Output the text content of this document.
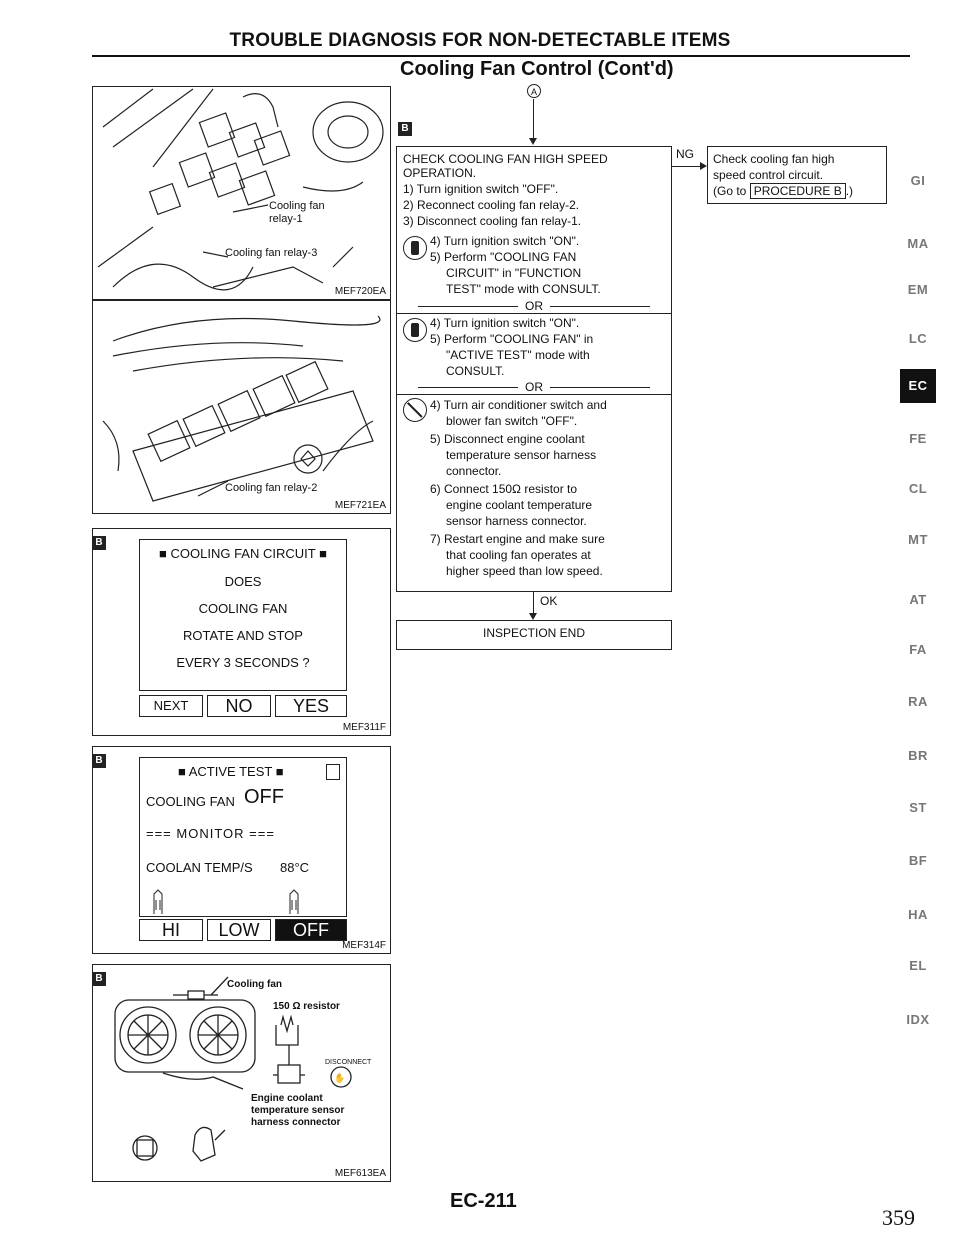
TROUBLE DIAGNOSIS FOR NON-DETECTABLE ITEMS
Cooling Fan Control (Cont'd)
Cooling fan
relay-1
Cooling fan relay-3
MEF720EA
Cooling fan relay-2
MEF721EA
B
■ COOLING FAN CIRCUIT ■
DOES
COOLING FAN
ROTATE AND STOP
EVERY 3 SECONDS ?
NEXT	NO	YES
MEF311F
B
■ ACTIVE TEST ■
COOLING FAN OFF
=== MONITOR ===
COOLAN TEMP/S 88°C
HI	LOW	OFF
MEF314F
B
✋
Cooling fan
150 Ω resistor
DISCONNECT
Engine coolant
temperature sensor
harness connector
MEF613EA
A
B
CHECK COOLING FAN HIGH SPEED
OPERATION.
1) Turn ignition switch "OFF".
2) Reconnect cooling fan relay-2.
3) Disconnect cooling fan relay-1.
4) Turn ignition switch "ON".
5) Perform "COOLING FAN
CIRCUIT" in "FUNCTION
TEST" mode with CONSULT.
OR
4) Turn ignition switch "ON".
5) Perform "COOLING FAN" in
"ACTIVE TEST" mode with
CONSULT.
OR
4) Turn air conditioner switch and
blower fan switch "OFF".
5) Disconnect engine coolant
temperature sensor harness
connector.
6) Connect 150Ω resistor to
engine coolant temperature
sensor harness connector.
7) Restart engine and make sure
that cooling fan operates at
higher speed than low speed.
NG Check cooling fan high
speed control circuit.
(Go to PROCEDURE B .)
OK
INSPECTION END
GI
MA
EM
LC
EC
FE
CL
MT
AT
FA
RA
BR
ST
BF
HA
EL
IDX
EC-211
359
